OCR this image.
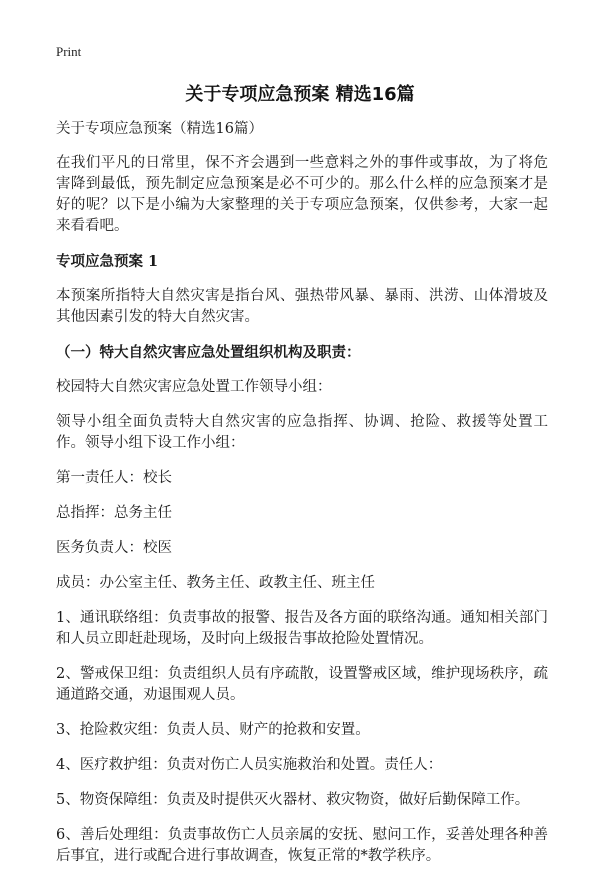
Print
关于专项应急预案 精选16篇

关于专项应急预案（精选16篇）

在我们平凡的日常里，保不齐会遇到一些意料之外的事件或事故，为了将危害降到最低，预先制定应急预案是必不可少的。那么什么样的应急预案才是好的呢？以下是小编为大家整理的关于专项应急预案，仅供参考，大家一起来看看吧。

专项应急预案 1

本预案所指特大自然灾害是指台风、强热带风暴、暴雨、洪涝、山体滑坡及其他因素引发的特大自然灾害。

（一）特大自然灾害应急处置组织机构及职责：

校园特大自然灾害应急处置工作领导小组：

领导小组全面负责特大自然灾害的应急指挥、协调、抢险、救援等处置工作。领导小组下设工作小组：

第一责任人：校长

总指挥：总务主任

医务负责人：校医

成员：办公室主任、教务主任、政教主任、班主任

1、通讯联络组：负责事故的报警、报告及各方面的联络沟通。通知相关部门和人员立即赶赴现场，及时向上级报告事故抢险处置情况。

2、警戒保卫组：负责组织人员有序疏散，设置警戒区域，维护现场秩序，疏通道路交通，劝退围观人员。

3、抢险救灾组：负责人员、财产的抢救和安置。

4、医疗救护组：负责对伤亡人员实施救治和处置。责任人：

5、物资保障组：负责及时提供灭火器材、救灾物资，做好后勤保障工作。

6、善后处理组：负责事故伤亡人员亲属的安抚、慰问工作，妥善处理各种善后事宜，进行或配合进行事故调查，恢复正常的*教学秩序。
